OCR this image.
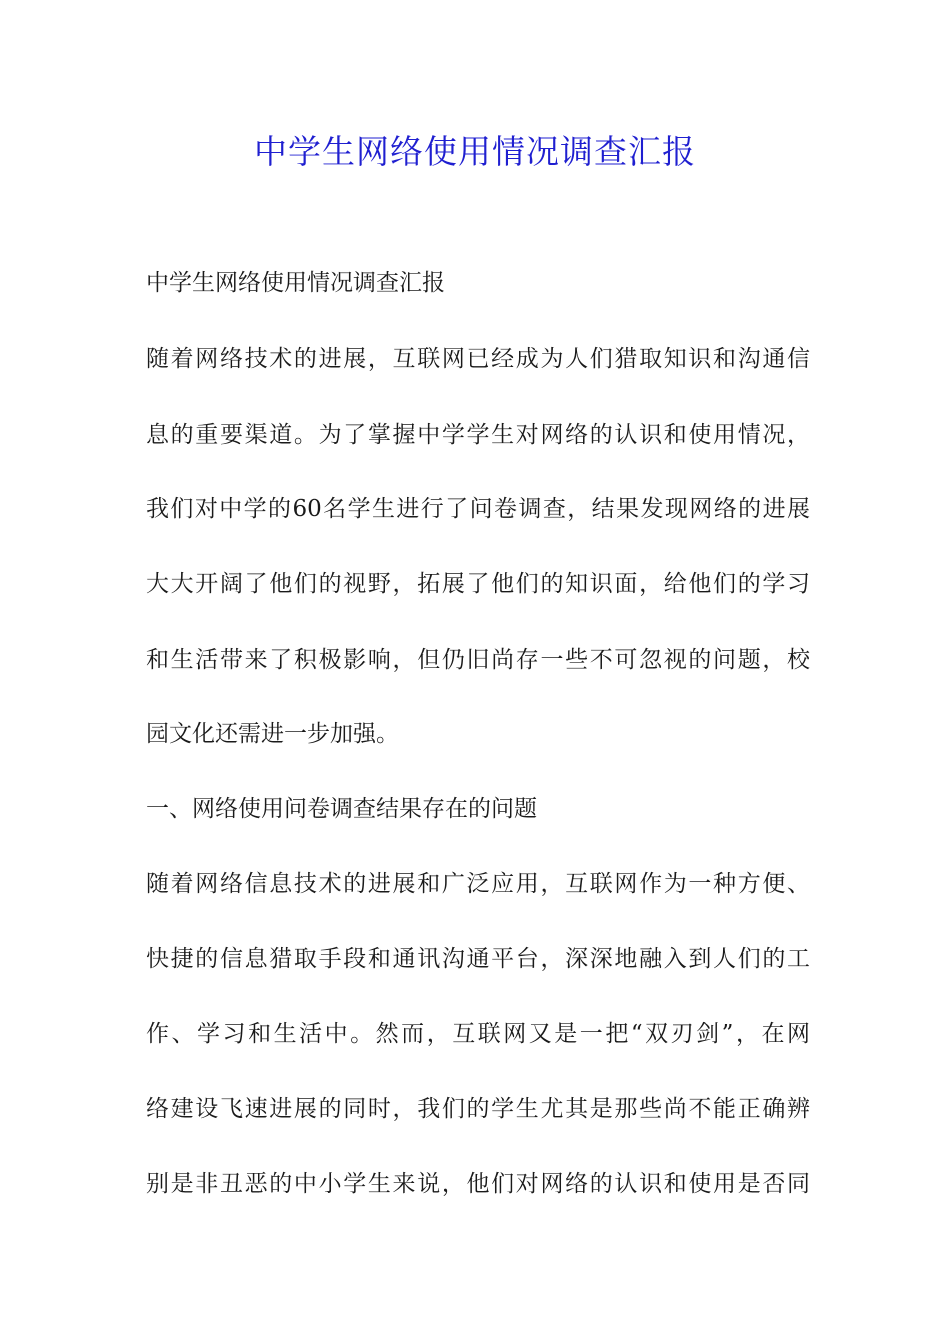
中学生网络使用情况调查汇报

中学生网络使用情况调查汇报

随着网络技术的进展，互联网已经成为人们猎取知识和沟通信

息的重要渠道。为了掌握中学学生对网络的认识和使用情况，

我们对中学的60名学生进行了问卷调查，结果发现网络的进展

大大开阔了他们的视野，拓展了他们的知识面，给他们的学习

和生活带来了积极影响，但仍旧尚存一些不可忽视的问题，校

园文化还需进一步加强。

一、网络使用问卷调查结果存在的问题

随着网络信息技术的进展和广泛应用，互联网作为一种方便、

快捷的信息猎取手段和通讯沟通平台，深深地融入到人们的工

作、学习和生活中。然而，互联网又是一把“双刃剑”，在网

络建设飞速进展的同时，我们的学生尤其是那些尚不能正确辨

别是非丑恶的中小学生来说，他们对网络的认识和使用是否同
